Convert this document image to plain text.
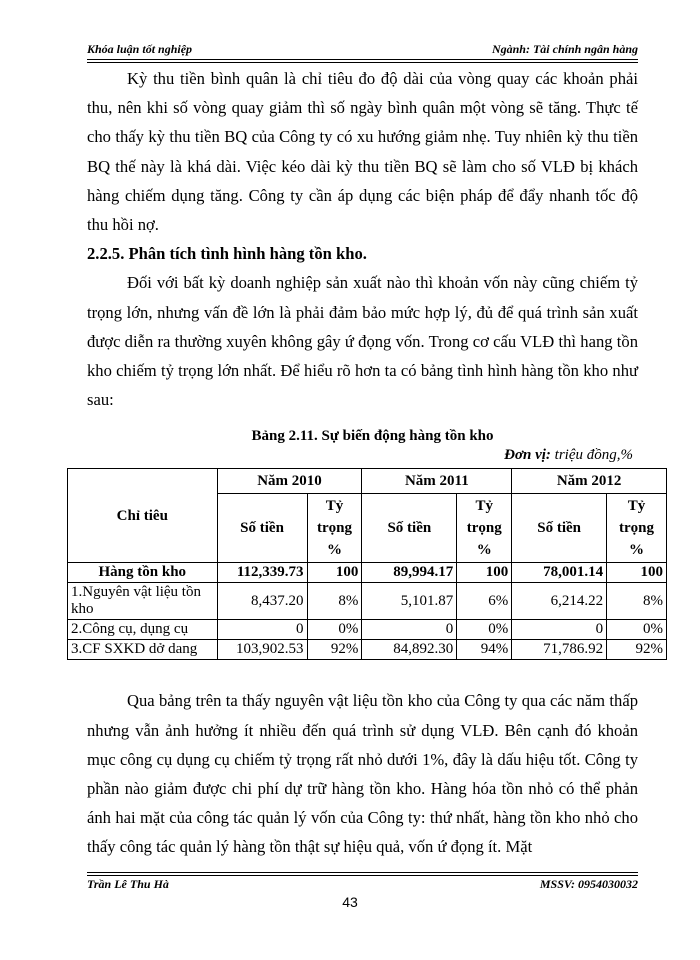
Khóa luận tốt nghiệp	Ngành: Tài chính ngân hàng

Kỳ thu tiền bình quân là chỉ tiêu đo độ dài của vòng quay các khoản phải thu, nên khi số vòng quay giảm thì số ngày bình quân một vòng sẽ tăng. Thực tế cho thấy kỳ thu tiền BQ của Công ty có xu hướng giảm nhẹ. Tuy nhiên kỳ thu tiền BQ thế này là khá dài. Việc kéo dài kỳ thu tiền BQ sẽ làm cho số VLĐ bị khách hàng chiếm dụng tăng. Công ty cần áp dụng các biện pháp để đẩy nhanh tốc độ thu hồi nợ.

2.2.5. Phân tích tình hình hàng tồn kho.

Đối với bất kỳ doanh nghiệp sản xuất nào thì khoản vốn này cũng chiếm tỷ trọng lớn, nhưng vấn đề lớn là phải đảm bảo mức hợp lý, đủ để quá trình sản xuất được diễn ra thường xuyên không gây ứ đọng vốn. Trong cơ cấu VLĐ thì hang tồn kho chiếm tỷ trọng lớn nhất. Để hiểu rõ hơn ta có bảng tình hình hàng tồn kho như sau:

Bảng 2.11. Sự biến động hàng tồn kho
Đơn vị: triệu đồng,%
Chỉ tiêu	Năm 2010		Năm 2011		Năm 2012	
	Số tiền	Tỷ trọng %	Số tiền	Tỷ trọng %	Số tiền	Tỷ trọng %
Hàng tồn kho	112,339.73	100	89,994.17	100	78,001.14	100
1.Nguyên vật liệu tồn kho	8,437.20	8%	5,101.87	6%	6,214.22	8%
2.Công cụ, dụng cụ	0	0%	0	0%	0	0%
3.CF SXKD dở dang	103,902.53	92%	84,892.30	94%	71,786.92	92%

Qua bảng trên ta thấy nguyên vật liệu tồn kho của Công ty qua các năm thấp nhưng vẫn ảnh hưởng ít nhiều đến quá trình sử dụng VLĐ. Bên cạnh đó khoản mục công cụ dụng cụ chiếm tỷ trọng rất nhỏ dưới 1%, đây là dấu hiệu tốt. Công ty phần nào giảm được chi phí dự trữ hàng tồn kho. Hàng hóa tồn nhỏ có thể phản ánh hai mặt của công tác quản lý vốn của Công ty: thứ nhất, hàng tồn kho nhỏ cho thấy công tác quản lý hàng tồn thật sự hiệu quả, vốn ứ đọng ít. Mặt

Trần Lê Thu Hà	MSSV: 0954030032
43
